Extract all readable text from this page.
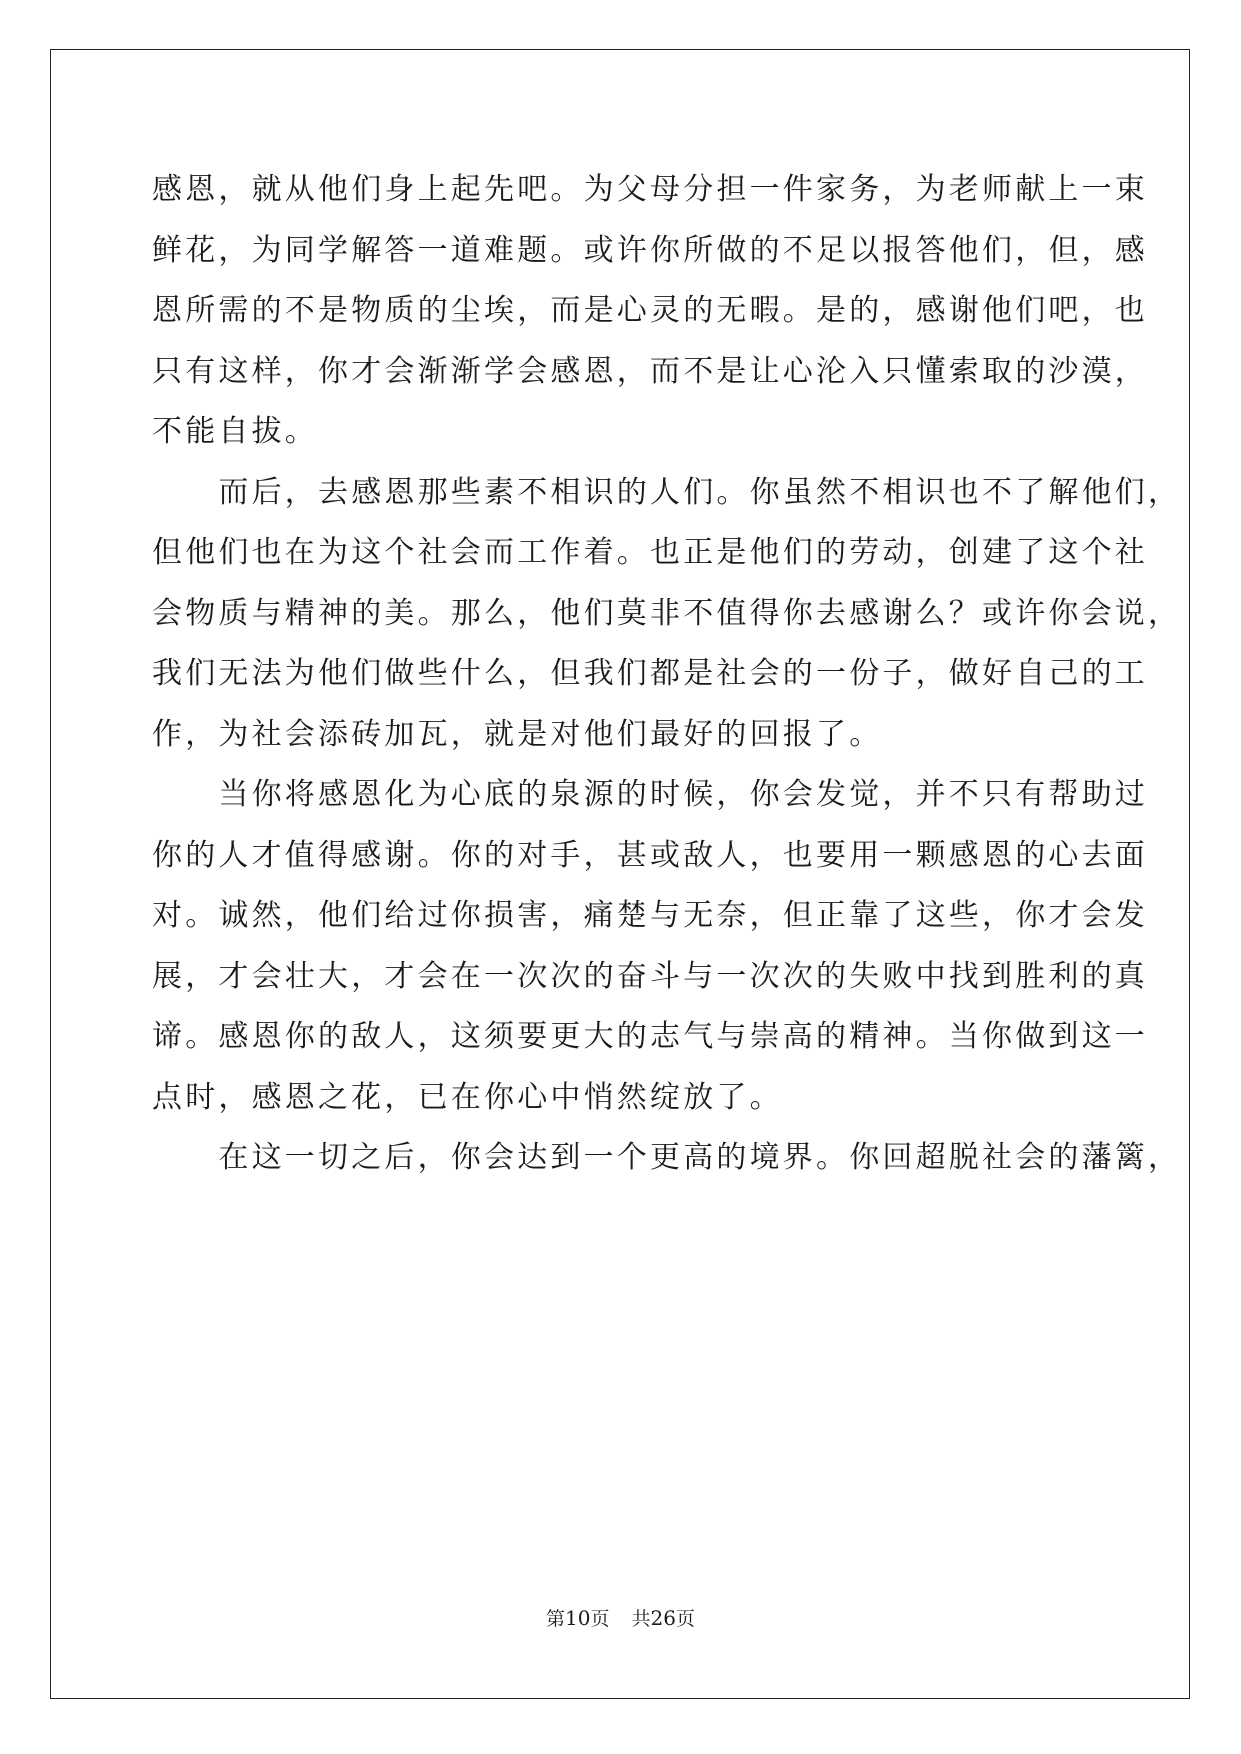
感恩，就从他们身上起先吧。为父母分担一件家务，为老师献上一束
鲜花，为同学解答一道难题。或许你所做的不足以报答他们，但，感
恩所需的不是物质的尘埃，而是心灵的无暇。是的，感谢他们吧，也
只有这样，你才会渐渐学会感恩，而不是让心沦入只懂索取的沙漠，
不能自拔。
　　而后，去感恩那些素不相识的人们。你虽然不相识也不了解他们，
但他们也在为这个社会而工作着。也正是他们的劳动，创建了这个社
会物质与精神的美。那么，他们莫非不值得你去感谢么？或许你会说，
我们无法为他们做些什么，但我们都是社会的一份子，做好自己的工
作，为社会添砖加瓦，就是对他们最好的回报了。
　　当你将感恩化为心底的泉源的时候，你会发觉，并不只有帮助过
你的人才值得感谢。你的对手，甚或敌人，也要用一颗感恩的心去面
对。诚然，他们给过你损害，痛楚与无奈，但正靠了这些，你才会发
展，才会壮大，才会在一次次的奋斗与一次次的失败中找到胜利的真
谛。感恩你的敌人，这须要更大的志气与崇高的精神。当你做到这一
点时，感恩之花，已在你心中悄然绽放了。
　　在这一切之后，你会达到一个更高的境界。你回超脱社会的藩篱，
第10页 共26页
